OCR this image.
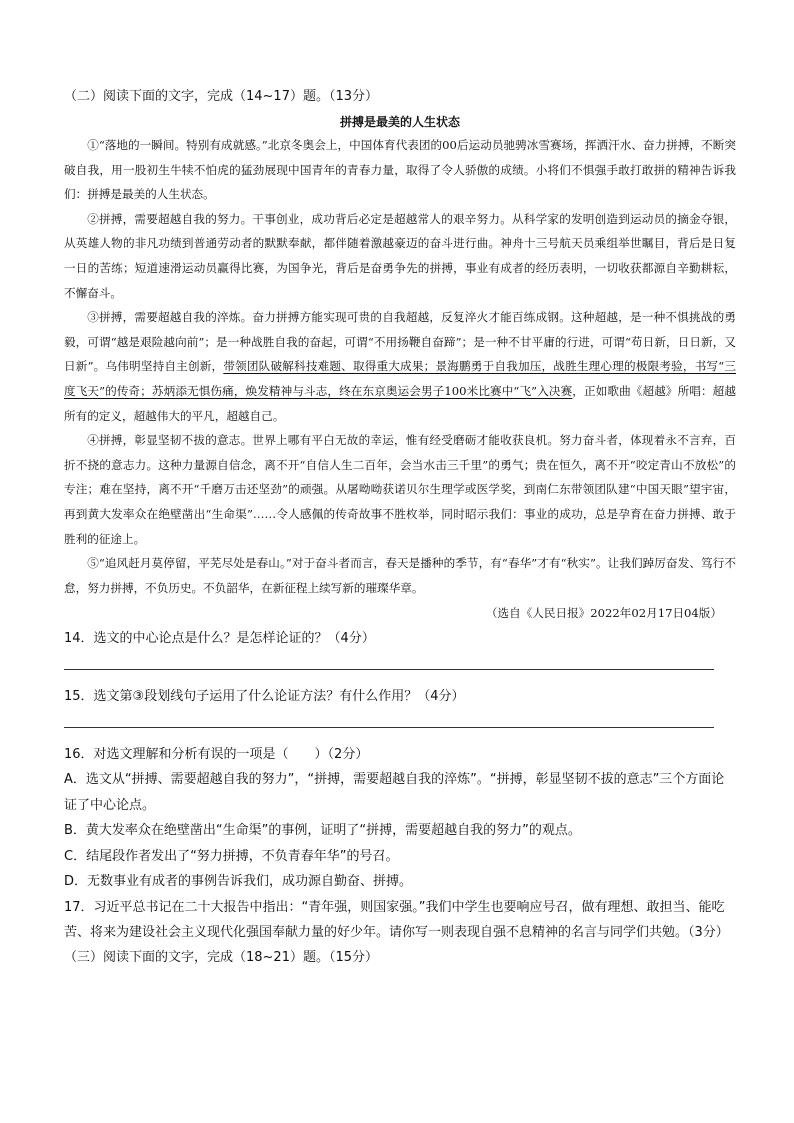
（二）阅读下面的文字，完成（14~17）题。（13分）

拼搏是最美的人生状态

①“落地的一瞬间。特别有成就感。”北京冬奥会上，中国体育代表团的00后运动员驰骋冰雪赛场，挥洒汗水、奋力拼搏，不断突破自我，用一股初生牛犊不怕虎的猛劲展现中国青年的青春力量，取得了令人骄傲的成绩。小将们不惧强手敢打敢拼的精神告诉我们：拼搏是最美的人生状态。

②拼搏，需要超越自我的努力。干事创业，成功背后必定是超越常人的艰辛努力。从科学家的发明创造到运动员的摘金夺银，从英雄人物的非凡功绩到普通劳动者的默默奉献，都伴随着激越豪迈的奋斗进行曲。神舟十三号航天员乘组举世瞩目，背后是日复一日的苦练；短道速滑运动员赢得比赛，为国争光，背后是奋勇争先的拼搏，事业有成者的经历表明，一切收获都源自辛勤耕耘，不懈奋斗。

③拼搏，需要超越自我的淬炼。奋力拼搏方能实现可贵的自我超越，反复淬火才能百练成钢。这种超越，是一种不惧挑战的勇毅，可谓“越是艰险越向前”；是一种战胜自我的奋起，可谓“不用扬鞭自奋蹄”；是一种不甘平庸的行进，可谓“苟日新，日日新，又日新”。乌伟明坚持自主创新，带领团队破解科技难题、取得重大成果；景海鹏勇于自我加压，战胜生理心理的极限考验，书写“三度飞天”的传奇；苏炳添无惧伤痛，焕发精神与斗志，终在东京奥运会男子100米比赛中“飞”入决赛，正如歌曲《超越》所唱：超越所有的定义，超越伟大的平凡，超越自己。

④拼搏，彰显坚韧不拔的意志。世界上哪有平白无故的幸运，惟有经受磨砺才能收获良机。努力奋斗者，体现着永不言弃，百折不挠的意志力。这种力量源自信念，离不开“自信人生二百年，会当水击三千里”的勇气；贵在恒久，离不开“咬定青山不放松”的专注；难在坚持，离不开“千磨万击还坚劲”的顽强。从屠呦呦获诺贝尔生理学或医学奖，到南仁东带领团队建“中国天眼”望宇宙，再到黄大发率众在绝壁凿出“生命渠”……令人感佩的传奇故事不胜枚举，同时昭示我们：事业的成功，总是孕育在奋力拼搏、敢于胜利的征途上。

⑤“追风赶月莫停留，平芜尽处是春山。”对于奋斗者而言，春天是播种的季节，有“春华”才有“秋实”。让我们踔厉奋发、笃行不怠，努力拼搏，不负历史。不负韶华，在新征程上续写新的璀璨华章。

（选自《人民日报》2022年02月17日04版）

14．选文的中心论点是什么？是怎样论证的？（4分）

15．选文第③段划线句子运用了什么论证方法？有什么作用？（4分）

16．对选文理解和分析有误的一项是（　　）（2分）

A．选文从“拼搏、需要超越自我的努力”，“拼搏，需要超越自我的淬炼”。“拼搏，彰显坚韧不拔的意志”三个方面论证了中心论点。

B．黄大发率众在绝壁凿出“生命渠”的事例，证明了“拼搏，需要超越自我的努力”的观点。

C．结尾段作者发出了“努力拼搏，不负青春年华”的号召。

D．无数事业有成者的事例告诉我们，成功源自勤奋、拼搏。

17．习近平总书记在二十大报告中指出：“青年强，则国家强。”我们中学生也要响应号召，做有理想、敢担当、能吃苦、将来为建设社会主义现代化强国奉献力量的好少年。请你写一则表现自强不息精神的名言与同学们共勉。（3分）

（三）阅读下面的文字，完成（18~21）题。（15分）
